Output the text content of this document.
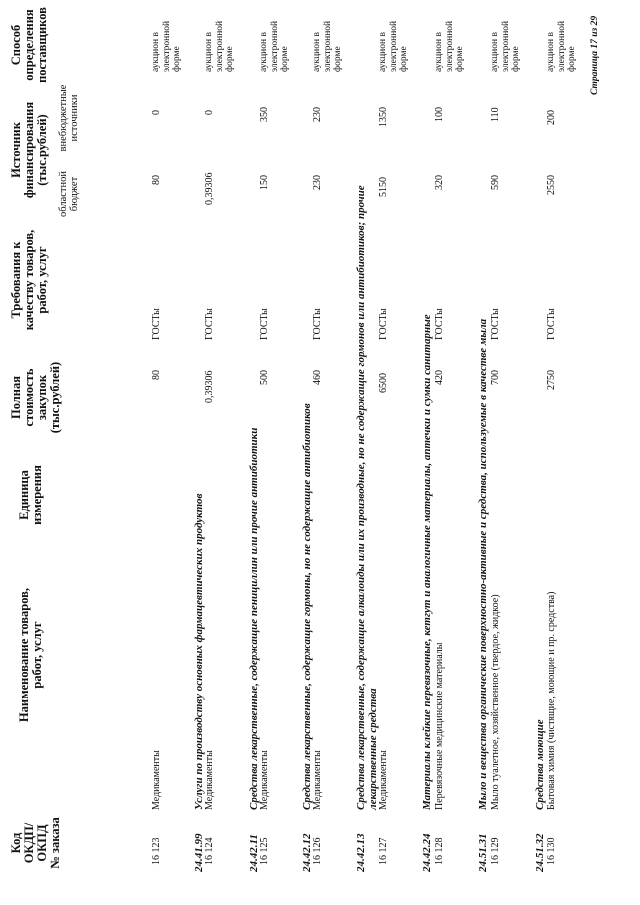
Код
ОКДП/
ОКПД
№ заказа
Наименование товаров,
работ, услуг
Единица
измерения
Полная
стоимость
закупок
(тыс.рублей)
Требования к
качеству товаров,
работ, услуг
Источник
финансирования
(тыс.рублей)
областной
бюджет
внебюджетные
источники
Способ
определения
поставщиков
16 123
Медикаменты
80
ГОСТы
80
0
аукцион в электронной форме
24.41.99
Услуги по производству основных фармацевтических продуктов
16 124
Медикаменты
0,39306
ГОСТы
0,39306
0
аукцион в электронной форме
24.42.11
Средства лекарственные, содержащие пенициллин или прочие антибиотики
16 125
Медикаменты
500
ГОСТы
150
350
аукцион в электронной форме
24.42.12
Средства лекарственные, содержащие гормоны, но не содержащие антибиотиков
16 126
Медикаменты
460
ГОСТы
230
230
аукцион в электронной форме
24.42.13
Средства лекарственные, содержащие алкалоиды или их производные, но не содержащие гормонов или антибиотиков; прочие лекарственные средства
16 127
Медикаменты
6500
ГОСТы
5150
1350
аукцион в электронной форме
24.42.24
Материалы клейкие перевязочные, кетгут и аналогичные материалы, аптечки и сумки санитарные
16 128
Перевязочные медицинские материалы
420
ГОСТы
320
100
аукцион в электронной форме
24.51.31
Мыло и вещества органические поверхностно-активные и средства, используемые в качестве мыла
16 129
Мыло туалетное, хозяйственное (твердое, жидкое)
700
ГОСТы
590
110
аукцион в электронной форме
24.51.32
Средства моющие
16 130
Бытовая химия (чистящие, моющие и пр. средства)
2750
ГОСТы
2550
200
аукцион в электронной форме Страница 17 из 29
